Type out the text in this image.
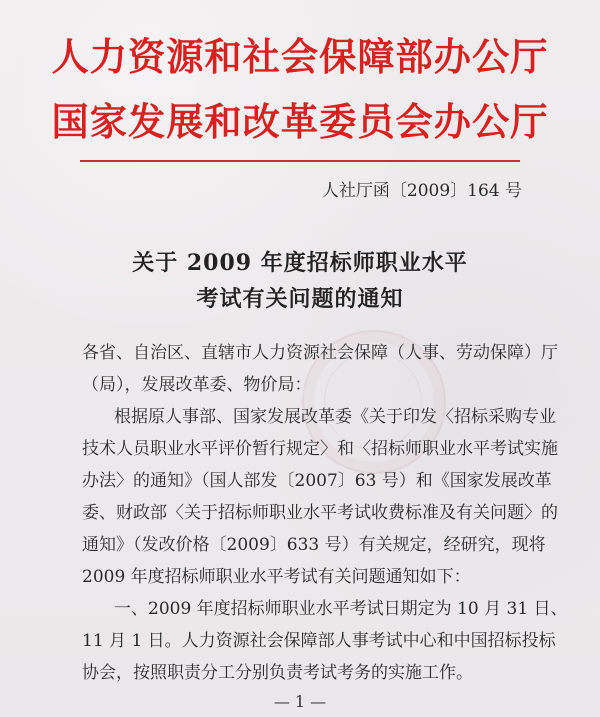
人力资源和社会保障部办公厅
国家发展和改革委员会办公厅
人社厅函〔2009〕164 号
关于 2009 年度招标师职业水平
考试有关问题的通知
各省、自治区、直辖市人力资源社会保障（人事、劳动保障）厅
（局），发展改革委、物价局：
根据原人事部、国家发展改革委《关于印发〈招标采购专业
技术人员职业水平评价暂行规定〉和〈招标师职业水平考试实施
办法〉的通知》（国人部发〔2007〕63 号）和《国家发展改革
委、财政部〈关于招标师职业水平考试收费标准及有关问题〉的
通知》（发改价格〔2009〕633 号）有关规定，经研究，现将
2009 年度招标师职业水平考试有关问题通知如下：
一、2009 年度招标师职业水平考试日期定为 10 月 31 日、
11 月 1 日。人力资源社会保障部人事考试中心和中国招标投标
协会，按照职责分工分别负责考试考务的实施工作。
— 1 —
